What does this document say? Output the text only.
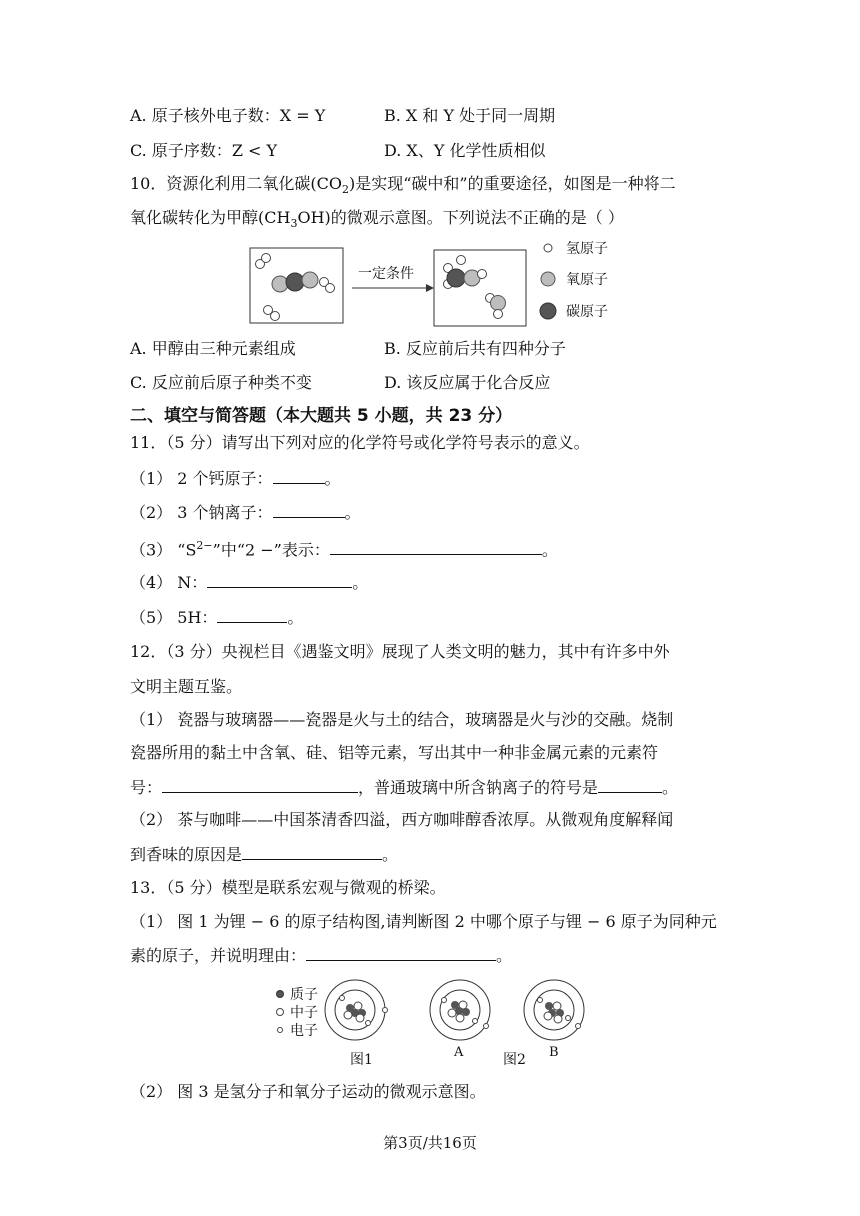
A. 原子核外电子数：X = Y	B. X 和 Y 处于同一周期
C. 原子序数：Z < Y	D. X、Y 化学性质相似
10．资源化利用二氧化碳$(CO_2)$是实现“碳中和”的重要途径，如图是一种将二
氧化碳转化为甲醇$(CH_3OH)$的微观示意图。下列说法不正确的是（ ）
一定条件
氢原子
氧原子
碳原子
A. 甲醇由三种元素组成	B. 反应前后共有四种分子
C. 反应前后原子种类不变	D. 该反应属于化合反应
二、填空与简答题（本大题共 5 小题，共 23 分）
11．（5 分）请写出下列对应的化学符号或化学符号表示的意义。
（1） 2 个钙原子：	。
（2） 3 个钠离子：	。
（3） “$S^{2-}$”中“2 −”表示：	。
（4） N：	。
（5） 5H：	。
12．（3 分）央视栏目《遇鉴文明》展现了人类文明的魅力，其中有许多中外
文明主题互鉴。
（1） 瓷器与玻璃器——瓷器是火与土的结合，玻璃器是火与沙的交融。烧制
瓷器所用的黏土中含氧、硅、铝等元素，写出其中一种非金属元素的元素符
号：	，普通玻璃中所含钠离子的符号是	。
（2） 茶与咖啡——中国茶清香四溢，西方咖啡醇香浓厚。从微观角度解释闻
到香味的原因是	。
13．（5 分）模型是联系宏观与微观的桥梁。
（1） 图 1 为锂 − 6 的原子结构图,请判断图 2 中哪个原子与锂 − 6 原子为同种元
素的原子，并说明理由：	。
质子
中子
电子
图1	A	图2 B
（2） 图 3 是氢分子和氧分子运动的微观示意图。
第3页/共16页
